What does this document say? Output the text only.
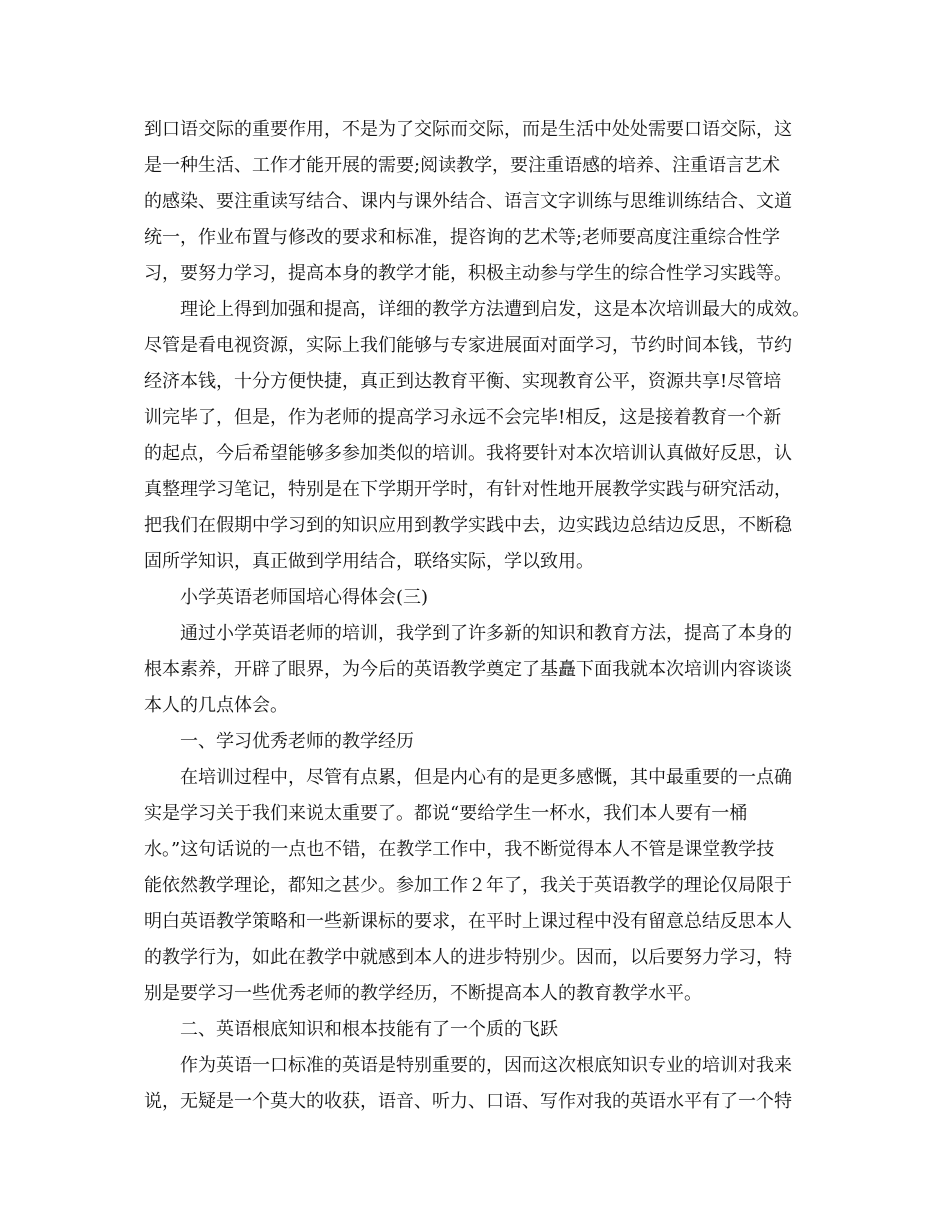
到口语交际的重要作用，不是为了交际而交际，而是生活中处处需要口语交际，这
是一种生活、工作才能开展的需要;阅读教学，要注重语感的培养、注重语言艺术
的感染、要注重读写结合、课内与课外结合、语言文字训练与思维训练结合、文道
统一，作业布置与修改的要求和标准，提咨询的艺术等;老师要高度注重综合性学
习，要努力学习，提高本身的教学才能，积极主动参与学生的综合性学习实践等。
理论上得到加强和提高，详细的教学方法遭到启发，这是本次培训最大的成效。
尽管是看电视资源，实际上我们能够与专家进展面对面学习，节约时间本钱，节约
经济本钱，十分方便快捷，真正到达教育平衡、实现教育公平，资源共享!尽管培
训完毕了，但是，作为老师的提高学习永远不会完毕!相反，这是接着教育一个新
的起点，今后希望能够多参加类似的培训。我将要针对本次培训认真做好反思，认
真整理学习笔记，特别是在下学期开学时，有针对性地开展教学实践与研究活动，
把我们在假期中学习到的知识应用到教学实践中去，边实践边总结边反思，不断稳
固所学知识，真正做到学用结合，联络实际，学以致用。
小学英语老师国培心得体会(三)
通过小学英语老师的培训，我学到了许多新的知识和教育方法，提高了本身的
根本素养，开辟了眼界，为今后的英语教学奠定了基矗下面我就本次培训内容谈谈
本人的几点体会。
一、学习优秀老师的教学经历
在培训过程中，尽管有点累，但是内心有的是更多感慨，其中最重要的一点确
实是学习关于我们来说太重要了。都说“要给学生一杯水，我们本人要有一桶
水。”这句话说的一点也不错，在教学工作中，我不断觉得本人不管是课堂教学技
能依然教学理论，都知之甚少。参加工作２年了，我关于英语教学的理论仅局限于
明白英语教学策略和一些新课标的要求，在平时上课过程中没有留意总结反思本人
的教学行为，如此在教学中就感到本人的进步特别少。因而，以后要努力学习，特
别是要学习一些优秀老师的教学经历，不断提高本人的教育教学水平。
二、英语根底知识和根本技能有了一个质的飞跃
作为英语一口标准的英语是特别重要的，因而这次根底知识专业的培训对我来
说，无疑是一个莫大的收获，语音、听力、口语、写作对我的英语水平有了一个特
